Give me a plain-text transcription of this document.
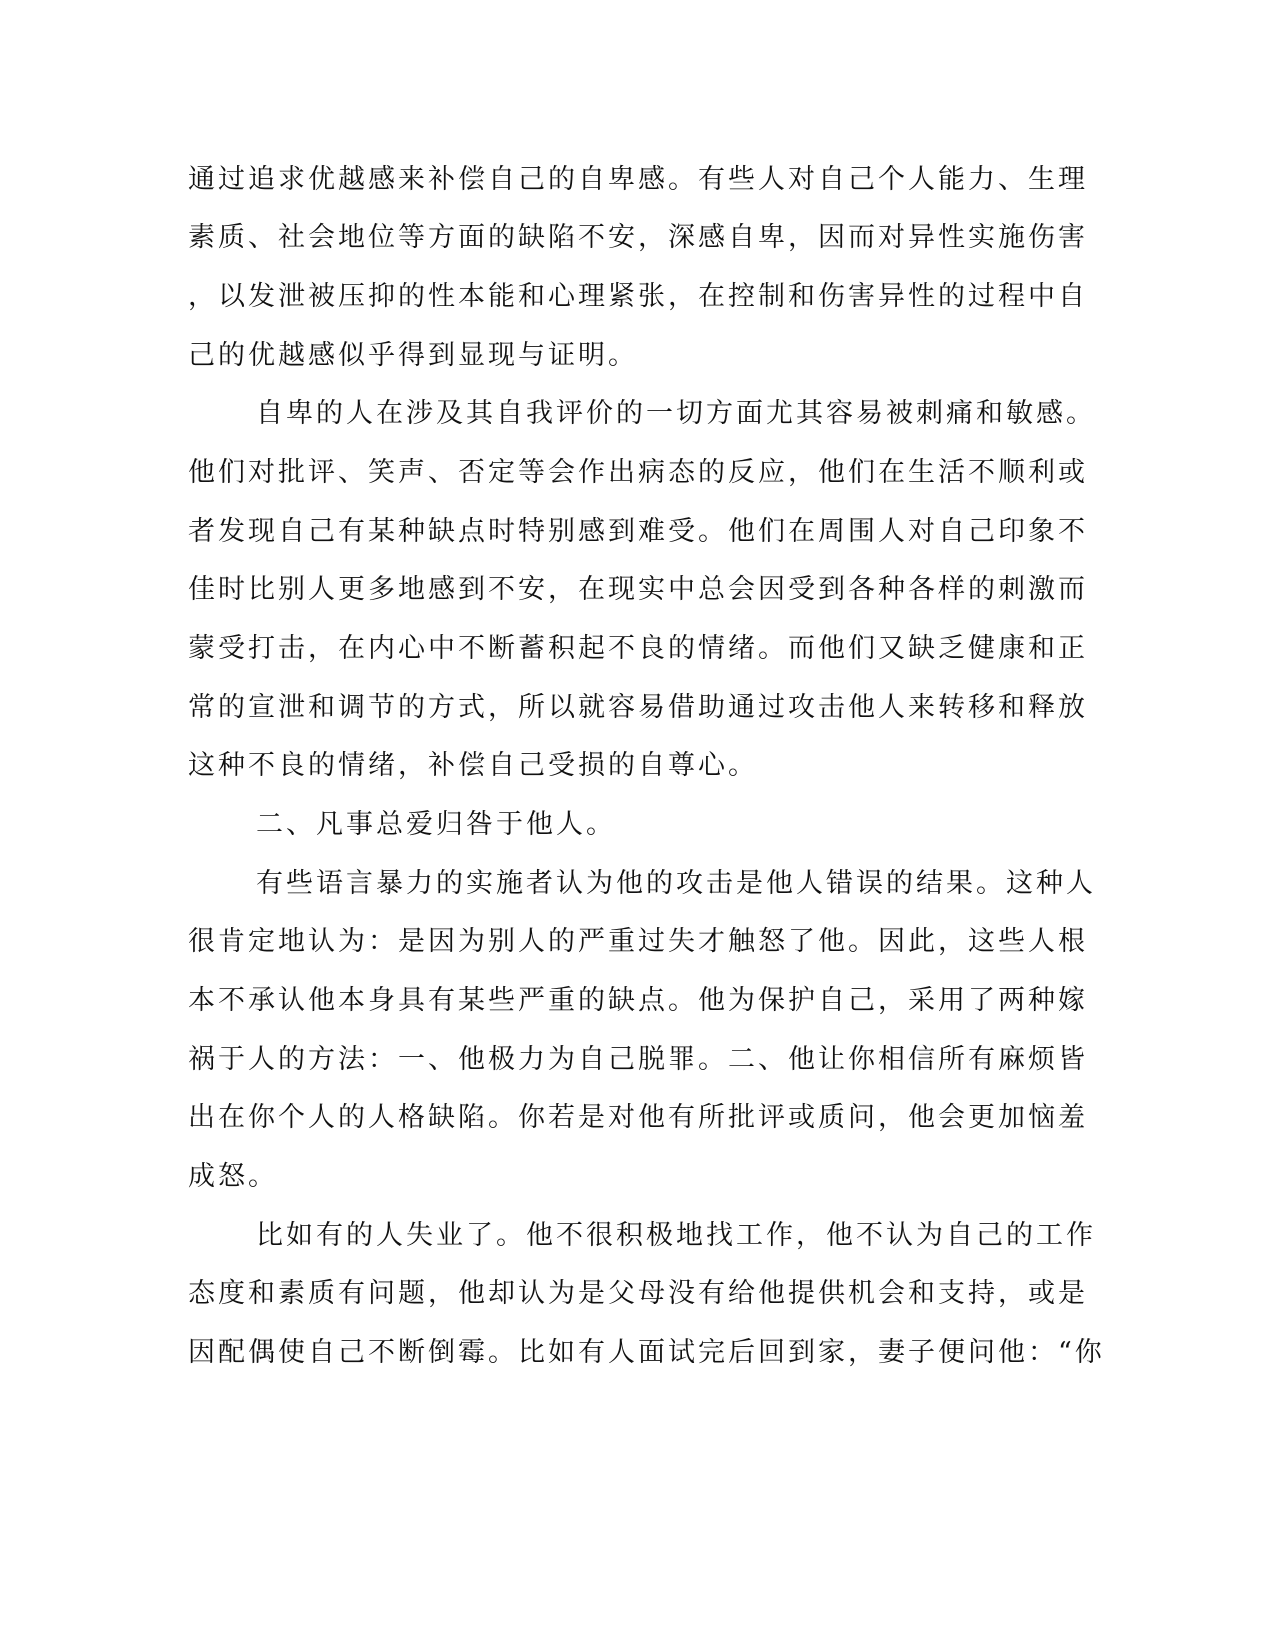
通过追求优越感来补偿自己的自卑感。有些人对自己个人能力、生理
素质、社会地位等方面的缺陷不安，深感自卑，因而对异性实施伤害
，以发泄被压抑的性本能和心理紧张，在控制和伤害异性的过程中自
己的优越感似乎得到显现与证明。
自卑的人在涉及其自我评价的一切方面尤其容易被刺痛和敏感。
他们对批评、笑声、否定等会作出病态的反应，他们在生活不顺利或
者发现自己有某种缺点时特别感到难受。他们在周围人对自己印象不
佳时比别人更多地感到不安，在现实中总会因受到各种各样的刺激而
蒙受打击，在内心中不断蓄积起不良的情绪。而他们又缺乏健康和正
常的宣泄和调节的方式，所以就容易借助通过攻击他人来转移和释放
这种不良的情绪，补偿自己受损的自尊心。
二、凡事总爱归咎于他人。
有些语言暴力的实施者认为他的攻击是他人错误的结果。这种人
很肯定地认为：是因为别人的严重过失才触怒了他。因此，这些人根
本不承认他本身具有某些严重的缺点。他为保护自己，采用了两种嫁
祸于人的方法：一、他极力为自己脱罪。二、他让你相信所有麻烦皆
出在你个人的人格缺陷。你若是对他有所批评或质问，他会更加恼羞
成怒。
比如有的人失业了。他不很积极地找工作，他不认为自己的工作
态度和素质有问题，他却认为是父母没有给他提供机会和支持，或是
因配偶使自己不断倒霉。比如有人面试完后回到家，妻子便问他：“你
